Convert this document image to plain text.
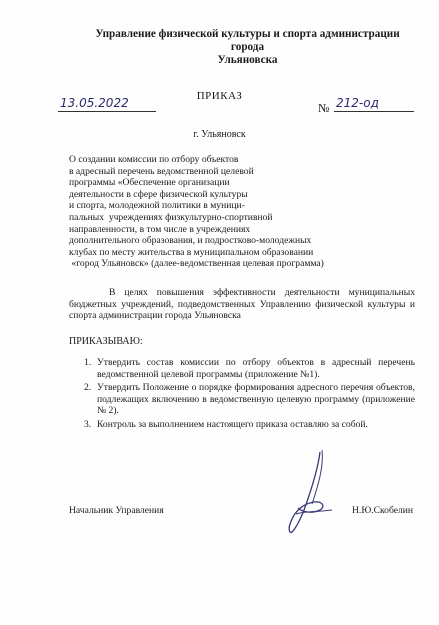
Управление физической культуры и спорта администрации города
Ульяновска
ПРИКАЗ
13.05.2022	№ 212-од
г. Ульяновск
О создании комиссии по отбору объектов
в адресный перечень ведомственной целевой
программы «Обеспечение организации
деятельности в сфере физической культуры
и спорта, молодежной политики в муници-
пальных  учреждениях физкультурно-спортивной
направленности, в том числе в учреждениях
дополнительного образования, и подростково-молодежных
клубах по месту жительства в муниципальном образовании
«город Ульяновск» (далее-ведомственная целевая программа)
В целях повышения эффективности деятельности муниципальных бюджетных учреждений, подведомственных Управлению физической культуры и спорта администрации города Ульяновска
ПРИКАЗЫВАЮ:
1. Утвердить состав комиссии по отбору объектов в адресный перечень ведомственной целевой программы (приложение №1).
2. Утвердить Положение о порядке формирования адресного перечня объектов, подлежащих включению в ведомственную целевую программу (приложение № 2).
3. Контроль за выполнением настоящего приказа оставляю за собой.
Начальник Управления	Н.Ю.Скобелин
